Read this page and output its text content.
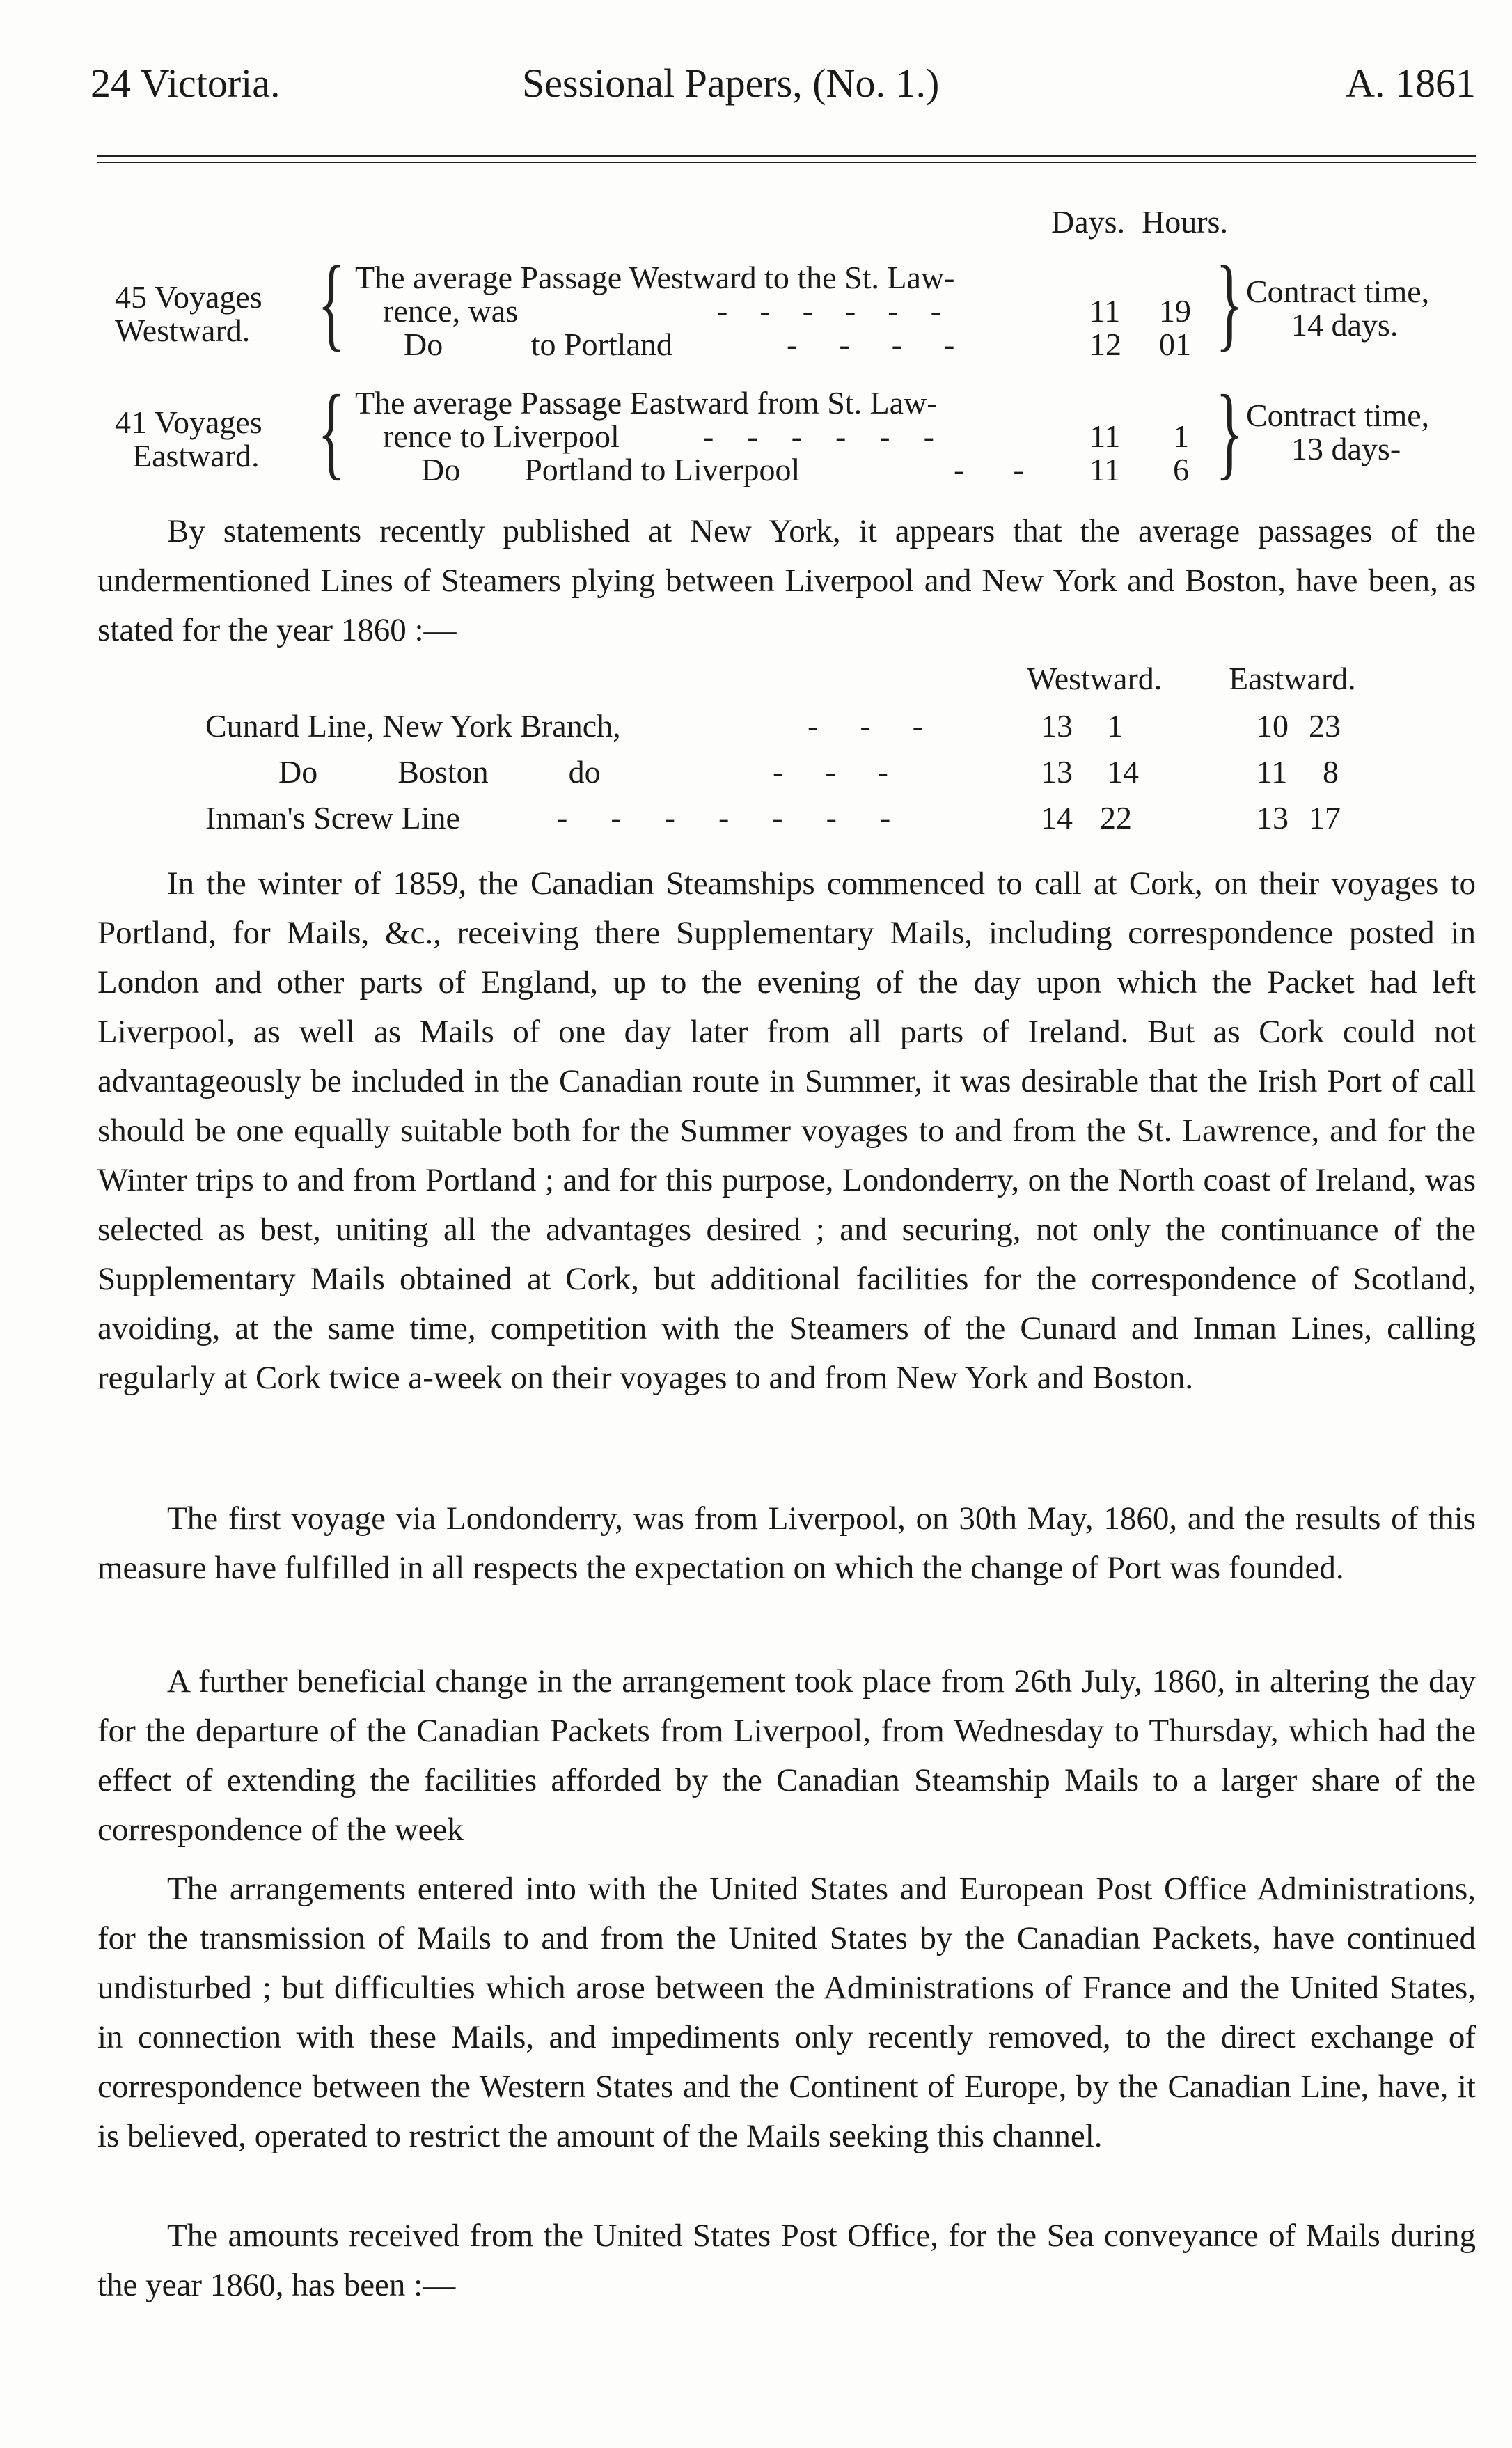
24 Victoria.	Sessional Papers, (No. 1.)	A. 1861
Days. Hours.
45 Voyages
Westward. { The average Passage Westward to the St. Law-
rence, was	------	11 19
Do           to Portland	----	12 01 } Contract time,
14 days.
41 Voyages
Eastward. { The average Passage Eastward from St. Law-
rence to Liverpool	------	11 1
Do        Portland to Liverpool	-- 11 6 } Contract time,
13 days-
By statements recently published at New York, it appears that the average passages of the undermentioned Lines of Steamers plying between Liverpool and New York and Boston, have been, as stated for the year 1860 :—
Westward. Eastward.
Cunard Line, New York Branch,	--- 13 1	10 23
Do          Boston          do	---	13 14	11 8
Inman's Screw Line	-------	14 22	13 17
In the winter of 1859, the Canadian Steamships commenced to call at Cork, on their voyages to Portland, for Mails, &c., receiving there Supplementary Mails, including correspondence posted in London and other parts of England, up to the evening of the day upon which the Packet had left Liverpool, as well as Mails of one day later from all parts of Ireland. But as Cork could not advantageously be included in the Canadian route in Summer, it was desirable that the Irish Port of call should be one equally suitable both for the Summer voyages to and from the St. Lawrence, and for the Winter trips to and from Portland ; and for this purpose, Londonderry, on the North coast of Ireland, was selected as best, uniting all the advantages desired ; and securing, not only the continuance of the Supplementary Mails obtained at Cork, but additional facilities for the correspondence of Scotland, avoiding, at the same time, competition with the Steamers of the Cunard and Inman Lines, calling regularly at Cork twice a-week on their voyages to and from New York and Boston.
The first voyage via Londonderry, was from Liverpool, on 30th May, 1860, and the results of this measure have fulfilled in all respects the expectation on which the change of Port was founded.
A further beneficial change in the arrangement took place from 26th July, 1860, in altering the day for the departure of the Canadian Packets from Liverpool, from Wednesday to Thursday, which had the effect of extending the facilities afforded by the Canadian Steamship Mails to a larger share of the correspondence of the week
The arrangements entered into with the United States and European Post Office Administrations, for the transmission of Mails to and from the United States by the Canadian Packets, have continued undisturbed ; but difficulties which arose between the Administrations of France and the United States, in connection with these Mails, and impediments only recently removed, to the direct exchange of correspondence between the Western States and the Continent of Europe, by the Canadian Line, have, it is believed, operated to restrict the amount of the Mails seeking this channel.
The amounts received from the United States Post Office, for the Sea conveyance of Mails during the year 1860, has been :—
